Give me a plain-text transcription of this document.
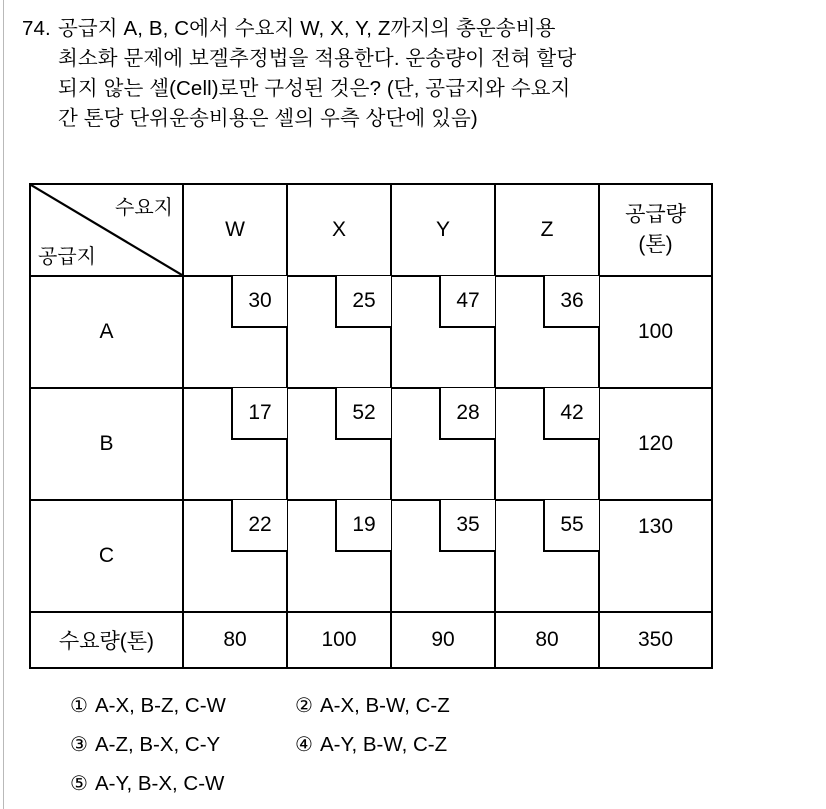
74. 공급지 A, B, C에서 수요지 W, X, Y, Z까지의 총운송비용
최소화 문제에 보겔추정법을 적용한다. 운송량이 전혀 할당
되지 않는 셀(Cell)로만 구성된 것은? (단, 공급지와 수요지
간 톤당 단위운송비용은 셀의 우측 상단에 있음)
수요지
공급지	W	X	Y	Z	공급량
(톤)

A	30	25	47	36	100

B	17	52	28	42	120

C	22	19	35	55	130

수요량(톤)	80	100	90	80	350
① A-X, B-Z, C-W	② A-X, B-W, C-Z
③ A-Z, B-X, C-Y	④ A-Y, B-W, C-Z
⑤ A-Y, B-X, C-W
